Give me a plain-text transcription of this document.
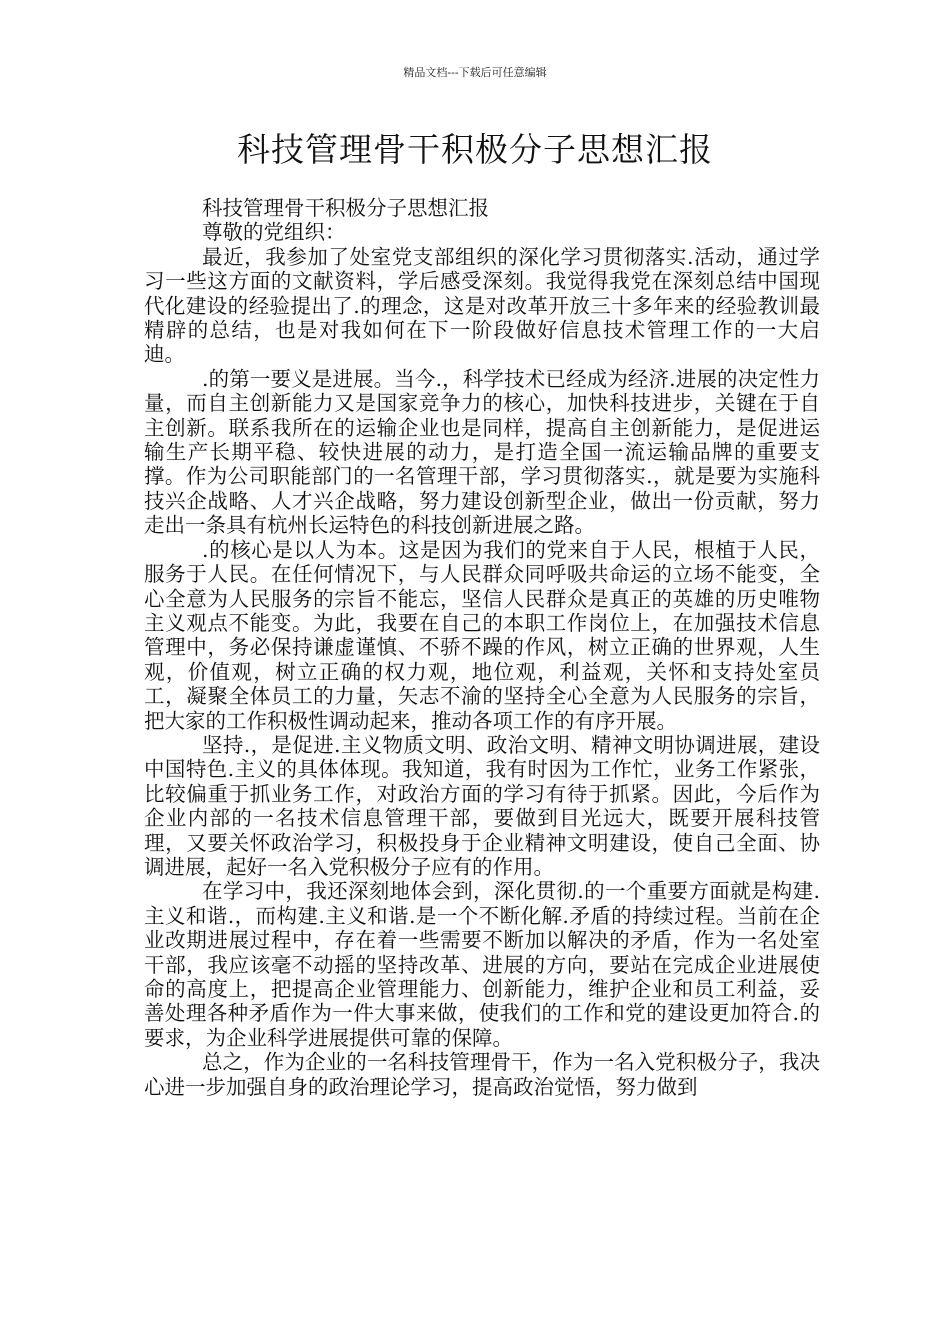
精品文档---下载后可任意编辑
科技管理骨干积极分子思想汇报

科技管理骨干积极分子思想汇报

尊敬的党组织：

最近，我参加了处室党支部组织的深化学习贯彻落实.活动，通过学习一些这方面的文献资料，学后感受深刻。我觉得我党在深刻总结中国现代化建设的经验提出了.的理念，这是对改革开放三十多年来的经验教训最精辟的总结，也是对我如何在下一阶段做好信息技术管理工作的一大启迪。

.的第一要义是进展。当今.，科学技术已经成为经济.进展的决定性力量，而自主创新能力又是国家竞争力的核心，加快科技进步，关键在于自主创新。联系我所在的运输企业也是同样，提高自主创新能力，是促进运输生产长期平稳、较快进展的动力，是打造全国一流运输品牌的重要支撑。作为公司职能部门的一名管理干部，学习贯彻落实.，就是要为实施科技兴企战略、人才兴企战略，努力建设创新型企业，做出一份贡献，努力走出一条具有杭州长运特色的科技创新进展之路。

.的核心是以人为本。这是因为我们的党来自于人民，根植于人民，服务于人民。在任何情况下，与人民群众同呼吸共命运的立场不能变，全心全意为人民服务的宗旨不能忘，坚信人民群众是真正的英雄的历史唯物主义观点不能变。为此，我要在自己的本职工作岗位上，在加强技术信息管理中，务必保持谦虚谨慎、不骄不躁的作风，树立正确的世界观，人生观，价值观，树立正确的权力观，地位观，利益观，关怀和支持处室员工，凝聚全体员工的力量，矢志不渝的坚持全心全意为人民服务的宗旨，把大家的工作积极性调动起来，推动各项工作的有序开展。

坚持.，是促进.主义物质文明、政治文明、精神文明协调进展，建设中国特色.主义的具体体现。我知道，我有时因为工作忙，业务工作紧张，比较偏重于抓业务工作，对政治方面的学习有待于抓紧。因此，今后作为企业内部的一名技术信息管理干部，要做到目光远大，既要开展科技管理，又要关怀政治学习，积极投身于企业精神文明建设，使自己全面、协调进展，起好一名入党积极分子应有的作用。

在学习中，我还深刻地体会到，深化贯彻.的一个重要方面就是构建.主义和谐.，而构建.主义和谐.是一个不断化解.矛盾的持续过程。当前在企业改期进展过程中，存在着一些需要不断加以解决的矛盾，作为一名处室干部，我应该毫不动摇的坚持改革、进展的方向，要站在完成企业进展使命的高度上，把提高企业管理能力、创新能力，维护企业和员工利益，妥善处理各种矛盾作为一件大事来做，使我们的工作和党的建设更加符合.的要求，为企业科学进展提供可靠的保障。

总之，作为企业的一名科技管理骨干，作为一名入党积极分子，我决心进一步加强自身的政治理论学习，提高政治觉悟，努力做到
